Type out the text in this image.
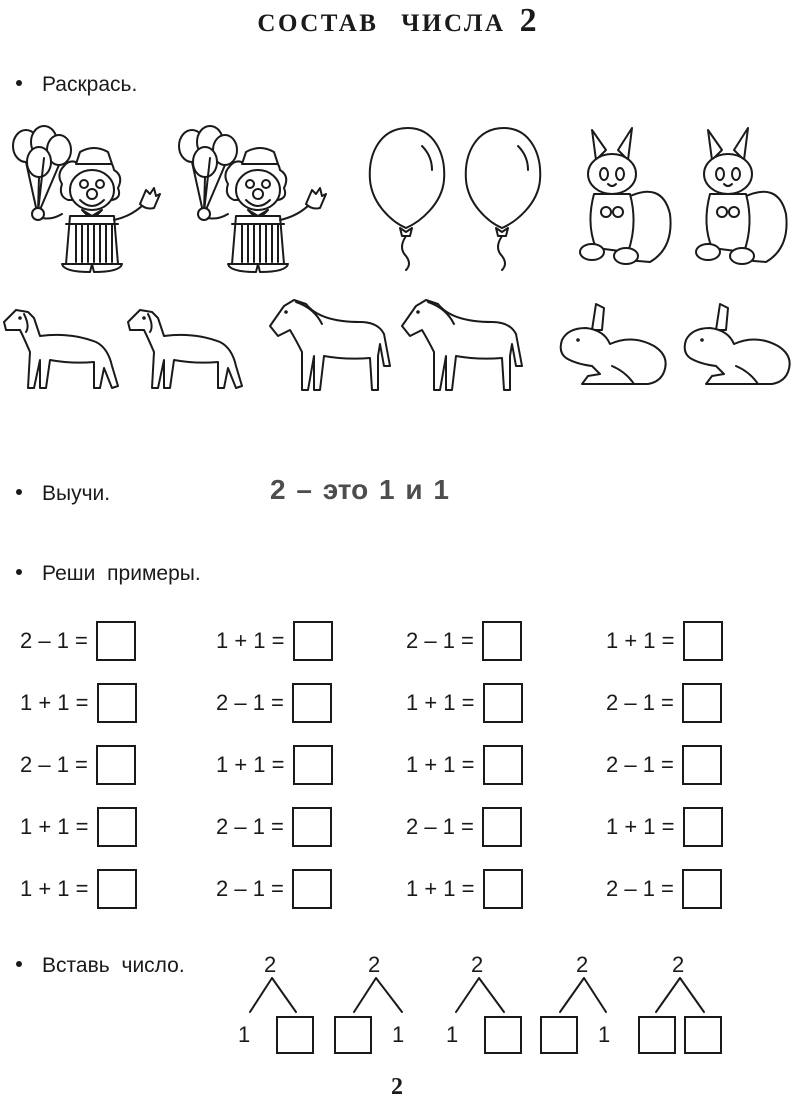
СОСТАВ ЧИСЛА 2
Раскрась.
Выучи.	2 – это 1 и 1
Реши примеры.
2 – 1 =	1 + 1 =	2 – 1 =	1 + 1 =
1 + 1 =	2 – 1 =	1 + 1 =	2 – 1 =
2 – 1 =	1 + 1 =	1 + 1 =	2 – 1 =
1 + 1 =	2 – 1 =	2 – 1 =	1 + 1 =
1 + 1 =	2 – 1 =	1 + 1 =	2 – 1 =
Вставь число.	2
1
2
1
2
1
2
1
2
2
